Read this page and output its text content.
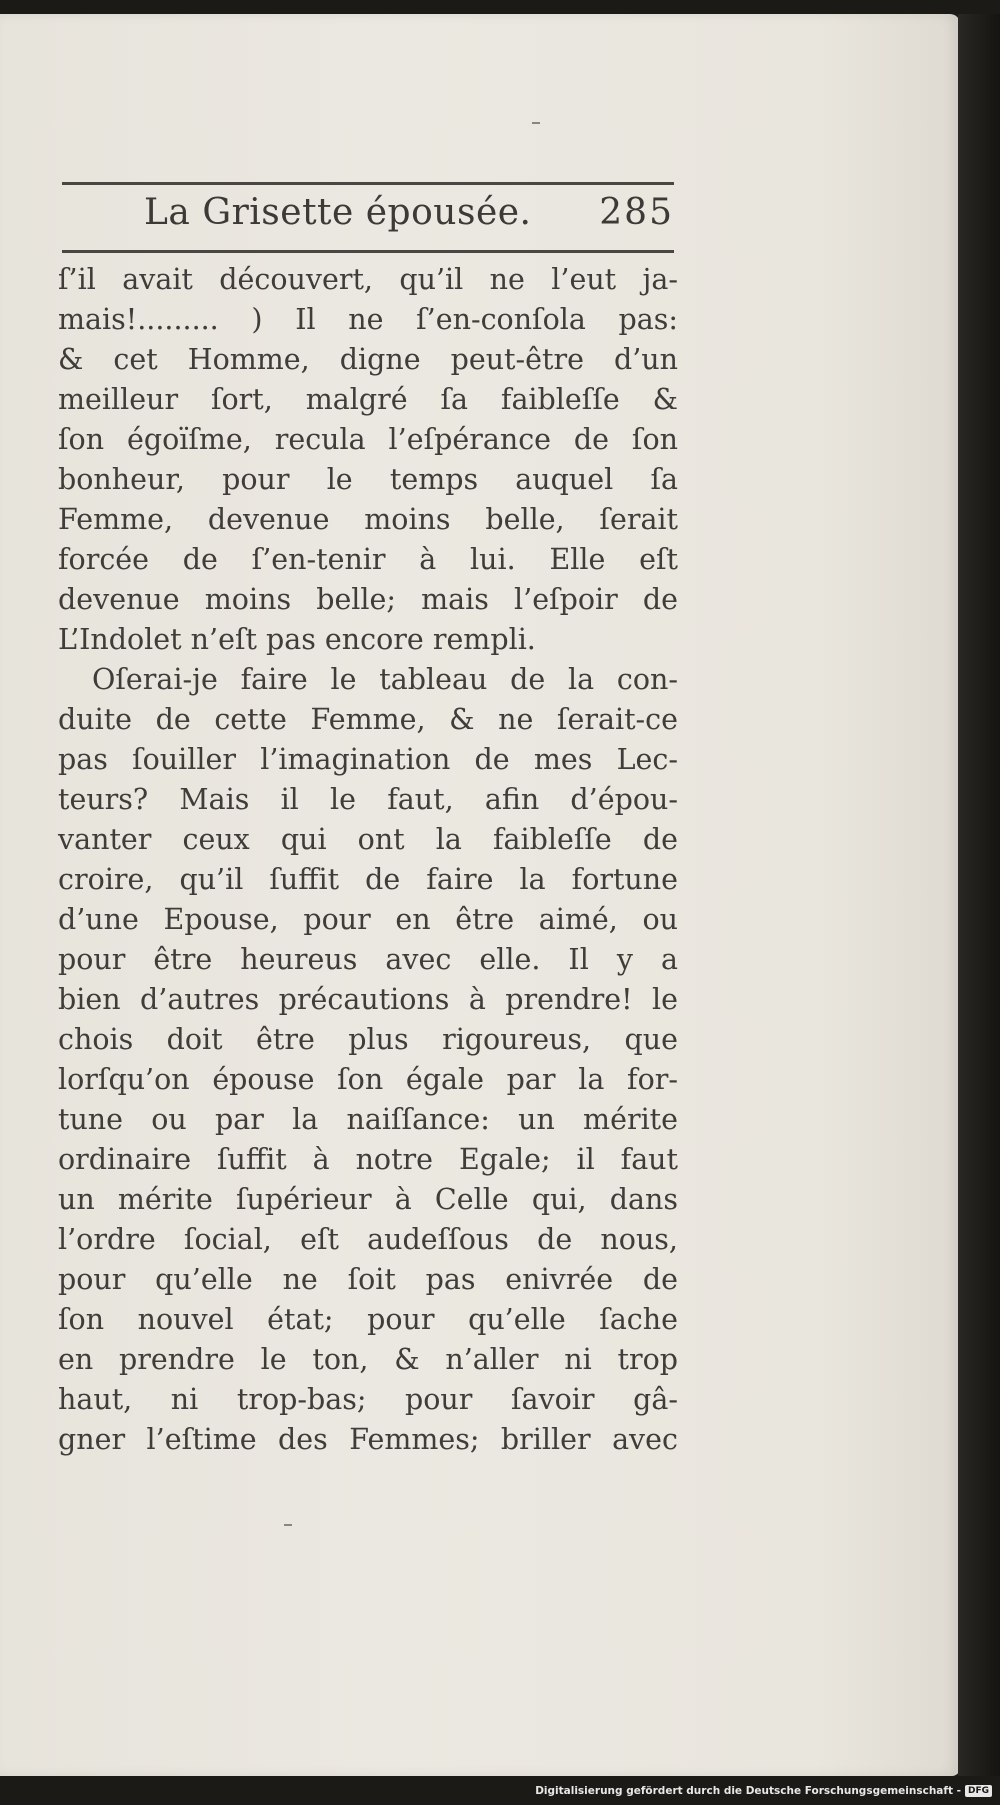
La Grisette épousée. 285
ſ’il avait découvert, qu’il ne l’eut ja-
mais!......... ) Il ne ſ’en-conſola pas:
& cet Homme, digne peut-être d’un
meilleur ſort, malgré ſa faibleſſe &
ſon égoïſme, recula l’eſpérance de ſon
bonheur, pour le temps auquel ſa
Femme, devenue moins belle, ſerait
forcée de ſ’en-tenir à lui. Elle eſt
devenue moins belle; mais l’eſpoir de
L’Indolet n’eſt pas encore rempli.
Oſerai-je faire le tableau de la con-
duite de cette Femme, & ne ſerait-ce
pas ſouiller l’imagination de mes Lec-
teurs? Mais il le faut, afin d’épou-
vanter ceux qui ont la faibleſſe de
croire, qu’il ſuffit de faire la fortune
d’une Epouse, pour en être aimé, ou
pour être heureus avec elle. Il y a
bien d’autres précautions à prendre! le
chois doit être plus rigoureus, que
lorſqu’on épouse ſon égale par la for-
tune ou par la naiſſance: un mérite
ordinaire ſuffit à notre Egale; il faut
un mérite ſupérieur à Celle qui, dans
l’ordre ſocial, eſt audeſſous de nous,
pour qu’elle ne ſoit pas enivrée de
ſon nouvel état; pour qu’elle ſache
en prendre le ton, & n’aller ni trop
haut, ni trop-bas; pour ſavoir gâ-
gner l’eſtime des Femmes; briller avec
Digitalisierung gefördert durch die Deutsche Forschungsgemeinschaft - DFG
